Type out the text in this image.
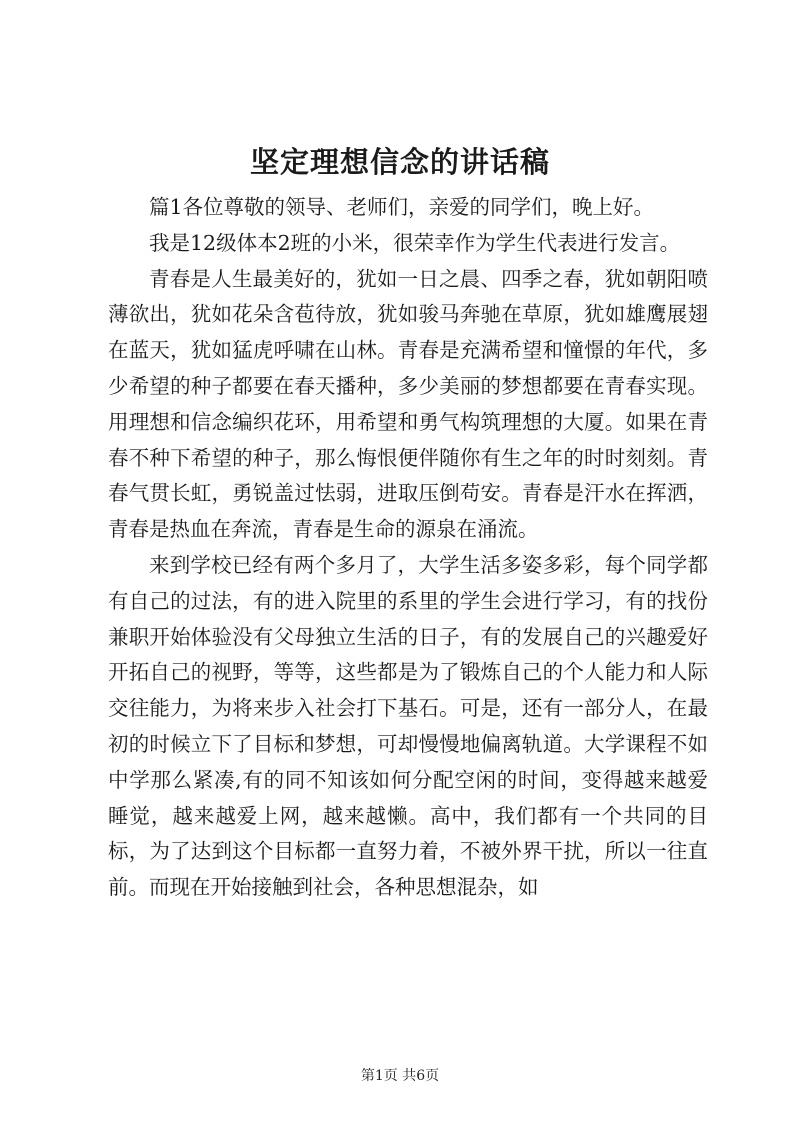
坚定理想信念的讲话稿

篇1各位尊敬的领导、老师们，亲爱的同学们，晚上好。

我是12级体本2班的小米，很荣幸作为学生代表进行发言。

青春是人生最美好的，犹如一日之晨、四季之春，犹如朝阳喷薄欲出，犹如花朵含苞待放，犹如骏马奔驰在草原，犹如雄鹰展翅在蓝天，犹如猛虎呼啸在山林。青春是充满希望和憧憬的年代，多少希望的种子都要在春天播种，多少美丽的梦想都要在青春实现。用理想和信念编织花环，用希望和勇气构筑理想的大厦。如果在青春不种下希望的种子，那么悔恨便伴随你有生之年的时时刻刻。青春气贯长虹，勇锐盖过怯弱，进取压倒苟安。青春是汗水在挥洒，青春是热血在奔流，青春是生命的源泉在涌流。

来到学校已经有两个多月了，大学生活多姿多彩，每个同学都有自己的过法，有的进入院里的系里的学生会进行学习，有的找份兼职开始体验没有父母独立生活的日子，有的发展自己的兴趣爱好开拓自己的视野，等等，这些都是为了锻炼自己的个人能力和人际交往能力，为将来步入社会打下基石。可是，还有一部分人，在最初的时候立下了目标和梦想，可却慢慢地偏离轨道。大学课程不如中学那么紧凑,有的同不知该如何分配空闲的时间，变得越来越爱睡觉，越来越爱上网，越来越懒。高中，我们都有一个共同的目标，为了达到这个目标都一直努力着，不被外界干扰，所以一往直前。而现在开始接触到社会，各种思想混杂，如

第1页 共6页
